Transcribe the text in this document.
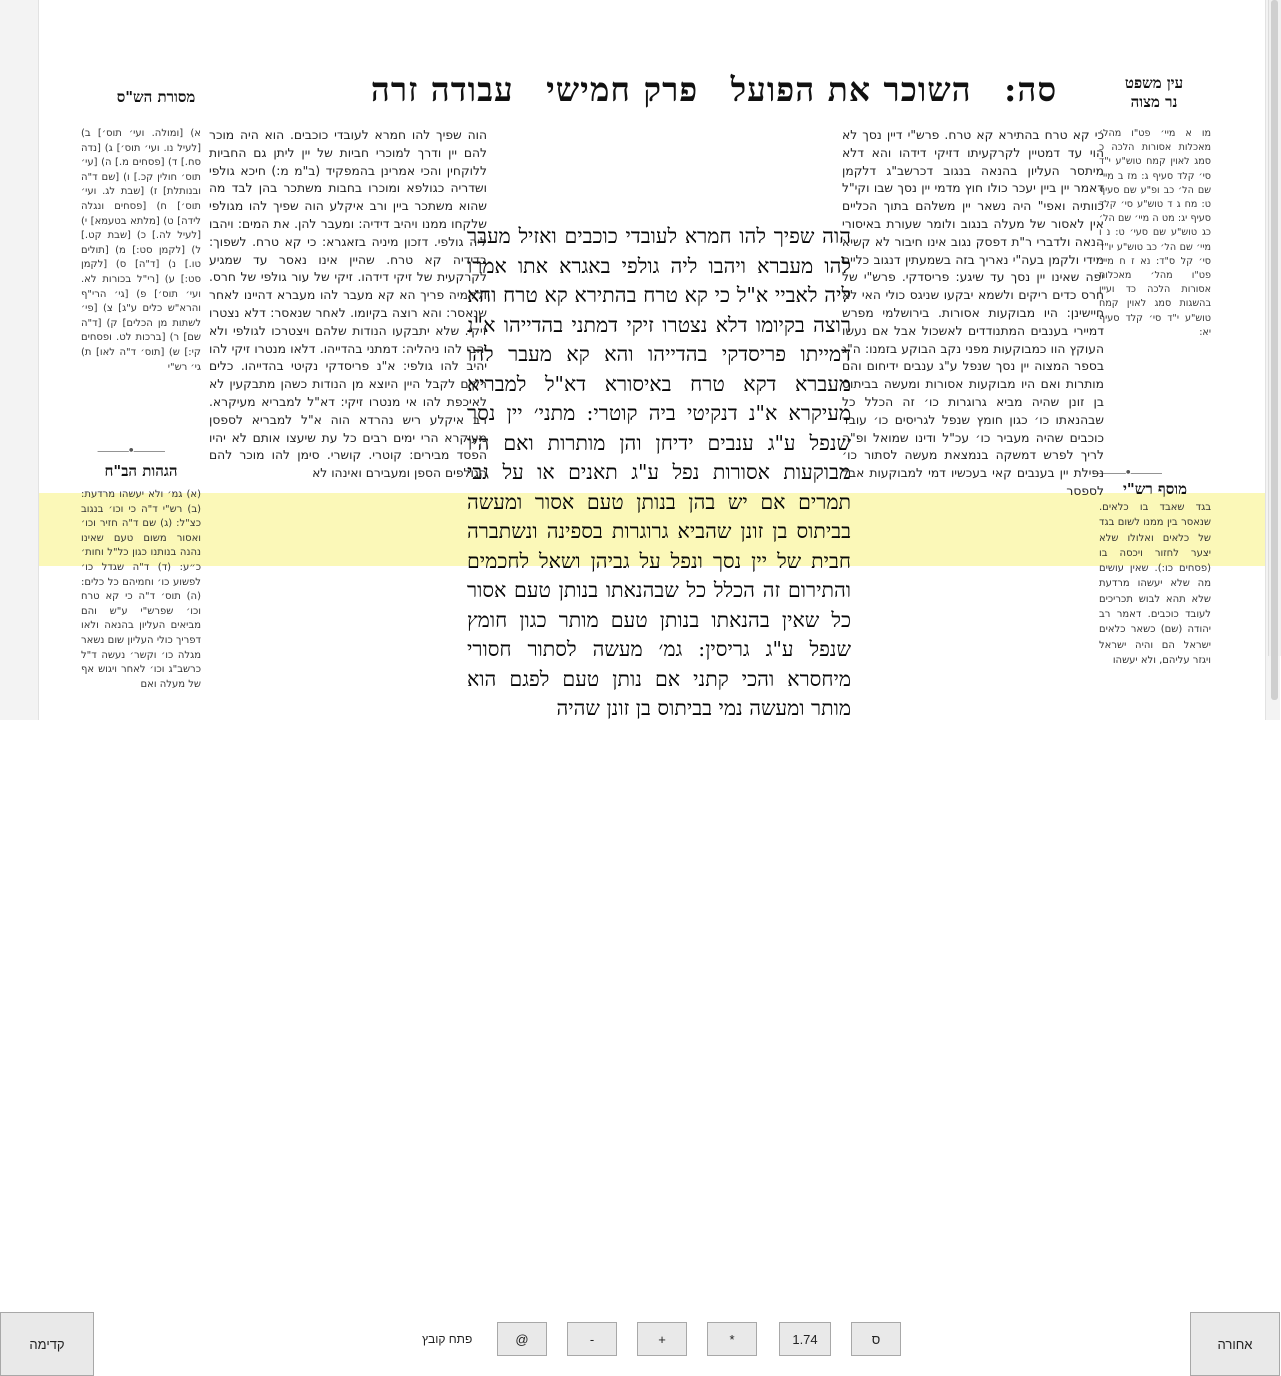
סה: השוכר את הפועל פרק חמישי עבודה זרה
מסורת הש"ס
עין משפט
נר מצוה
מו א מיי׳ פט"ו מהל׳ מאכלות אסורות הלכה כ סמג לאוין קמח טוש"ע י"ד סי׳ קלד סעיף ג: מז ב מיי׳ שם הל׳ כב ופ"ע שם סעיף ט: מח ג ד טוש"ע סי׳ קלד סעיף יג: מט ה מיי׳ שם הל׳ כג טוש"ע שם סעי׳ ט: נ ו מיי׳ שם הל׳ כב טוש"ע יו"ד סי׳ קל ס"ד: נא ז ח מיי׳ פט"ו מהל׳ מאכלות אסורות הלכה כד ועיין בהשגות סמג לאוין קמח טוש"ע י"ד סי׳ קלד סעיף יא:
⸻•⸻
מוסף רש"י
בגד שאבד בו כלאים. שנאסר בין ממנו לשום בגד של כלאים ואלולו שלא יצער לחזור ויכסה בו (פסחים כו:). שאין עושים מה שלא יעשהו מרדעת שלא תהא לבוש תכריכים לעובד כוכבים. דאמר רב יהודה (שם) כשאר כלאים ישראל הם והיה ישראל ויגזר עליהם, ולא יעשהו
כי קא טרח בהתירא קא טרח. פרש"י דיין נסך לא הוי עד דמטיין לקרקעיתו דזיקי דידהו והא דלא מיתסר העליון בהנאה בנגוב דכרשב"ג דלקמן דאמר יין ביין יעכר כולו חוץ מדמי יין נסך שבו וקי"ל כוותיה ואפי" היה נשאר יין משלהם בתוך הכליים אין לאסור של מעלה בנגוב ולומר שעורת באיסורי הנאה ולדברי ר"ת דפסק נגוב אינו חיבור לא קשיא מידי ולקמן בעה"י נאריך בזה בשמעתין דנגוב כליים יפה שאינו יין נסך עד שיגע: פריסדקי. פרש"י של חרס כדים ריקים ולשמא יבקעו שניגס כולי האי לא חיישינן: היו מבוקעות אסורות. בירושלמי מפרש דמיירי בענבים המתנודדים לאשכול אבל אם נעשו העוקץ הוו כמבוקעות מפני נקב הבוקע בזמנו: ה"ג בספר המצוה יין נסך שנפל ע"ג ענבים ידיחום והם מותרות ואם היו מבוקעות אסורות ומעשה בביתוס בן זונן שהיה מביא גרוגרות כו׳ זה הכלל כל שבהנאתו כו׳ כגון חומץ שנפל לגריסים כו׳ עובד כוכבים שהיה מעביר כו׳ עכ"ל ודינו שמואל ופ"ה לריך לפרש דמשקה בנמצאת מעשה לסתור כו׳ נפילת יין בענבים קאי בעכשיו דמי למבוקעות אבל לספסר
הוה שפיך להו חמרא לעובדי כוכבים ואזיל מעבר להו מעברא ויהבו ליה גולפי באגרא אתו אמרו ליה לאביי א"ל כי קא טרח בהתירא קא טרח והא רוצה בקיומו דלא נצטרו זיקי דמתני בהדייהו א"נ דמייתו פריסדקי בהדייהו והא קא מעבר להו מעברא דקא טרח באיסורא דא"ל למבריא מעיקרא א"נ דנקיטי ביה קוטרי: מתני׳ יין נסך שנפל ע"ג ענבים ידיחן והן מותרות ואם היו מבוקעות אסורות נפל ע"ג תאנים או על גבי תמרים אם יש בהן בנותן טעם אסור ומעשה בביתוס בן זונן שהביא גרוגרות בספינה ונשתברה חבית של יין נסך ונפל על גביהן ושאל לחכמים והתירום זה הכלל כל שבהנאתו בנותן טעם אסור כל שאין בהנאתו בנותן טעם מותר כגון חומץ שנפל ע"ג גריסין: גמ׳ מעשה לסתור חסורי מיחסרא והכי קתני אם נותן טעם לפגם הוא מותר ומעשה נמי בביתוס בן זונן שהיה
הוה שפיך להו חמרא לעובדי כוכבים. הוא היה מוכר להם יין ודרך למוכרי חביות של יין ליתן גם החביות ללוקחין והכי אמרינן בהמפקיד (ב"מ מ:) חיכא גולפי ושדריה כגולפא ומוכרו בחבות משתכר בהן לבד מה שהוא משתכר ביין ורב איקלע הוה שפיך להו מגולפי שלקחו ממנו ויהיב דידיה: ומעבר להן. את המים: ויהבו ליה גולפי. דזכון מיניה בזאגרא: כי קא טרח. לשפוך: בדידיה קא טרח. שהיין אינו נאסר עד שמגיע לקרקעית של זיקי דידהו. זיקי של עור גולפי של חרס. ולקמיה פריך הא קא מעבר להו מעברא דהיינו לאחר שנאסר: והא רוצה בקיומו. לאחר שנאסר: דלא נצטרו זיקי. שלא יתבקעו הנודות שלהם ויצטרכו לגולפי ולא יהבי להו ניהליה: דמתני בהדייהו. דלאו מנטרו זיקי להו יהיב להו גולפי: א"נ פריסדקי נקיטי בהדייהו. כלים רקים לקבל היין היוצא מן הנודות כשהן מתבקעין לא לאיכפת להו אי מנטרו זיקי: דא"ל למבריא מעיקרא. רב איקלע ריש נהרדא הוה א"ל למבריא לספסן מעיקרא הרי ימים רבים כל עת שיעצו אותם לא יהיו הפסד מבירים: קוטרי. קושרי. סימן להו מוכר להם הגולפים הספן ומעבירם ואינהו לא
א) [ומולה. ועי׳ תוס׳] ב) [לעיל נו. ועי׳ תוס׳] ג) [נדה סח.] ד) [פסחים מ.] ה) [עי׳ תוס׳ חולין קכ.] ו) [שם ד"ה ובנותלת] ז) [שבת לג. ועי׳ תוס׳] ח) [פסחים ונגלה לידה] ט) [מלתא בטעמא] י) [לעיל לה.] כ) [שבת קט.] ל) [לקמן סט:] מ) [תולים טו.] נ) [ד"ה] ס) [לקמן סט:] ע) [רי"ל בכורות לא. ועי׳ תוס׳] פ) [גי׳ הרי"ף והרא"ש כלים ע"ג] צ) [פי׳ לשתות מן הכלים] ק) [ד"ה שם] ר) [ברכות לט. ופסחים קי:] ש) [תוס׳ ד"ה לאו] ת) גי׳ רש"י
⸻•⸻
הגהות הב"ח
(א) גמ׳ ולא יעשהו מרדעת: (ב) רש"י ד"ה כי וכו׳ בנגוב כצ"ל: (ג) שם ד"ה חזיר וכו׳ ואסור משום טעם שאינו נהנה בנותנו כגון כל"ל וחות׳ כ״ע: (ד) ד"ה שגדל כו׳ לפשוע כו׳ וחמיהם כל כלים: (ה) תוס׳ ד"ה כי קא טרח וכו׳ שפרש"י ע"ש והם מביאים העליון בהנאה ולאו דפריך כולי העליון שום נשאר מגלה כו׳ וקשר׳ נעשה ד"ל כרשב"ג וכו׳ לאחר ויגוש אף של מעלה ואם
קדימה	פתח קובץ	@	-	+	*	1.74	ס	אחורה
